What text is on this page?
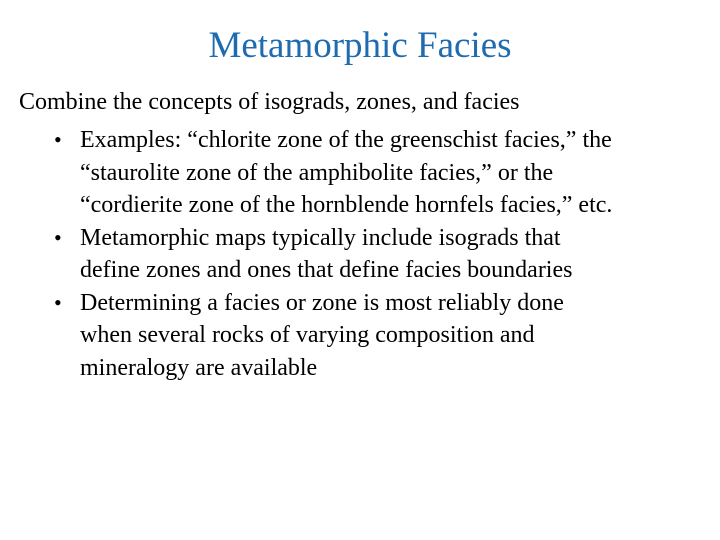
Metamorphic Facies
Combine the concepts of isograds, zones, and facies
• Examples: “chlorite zone of the greenschist facies,” the
“staurolite zone of the amphibolite facies,” or the
“cordierite zone of the hornblende hornfels facies,” etc.
• Metamorphic maps typically include isograds that
define zones and ones that define facies boundaries
• Determining a facies or zone is most reliably done
when several rocks of varying composition and
mineralogy are available
